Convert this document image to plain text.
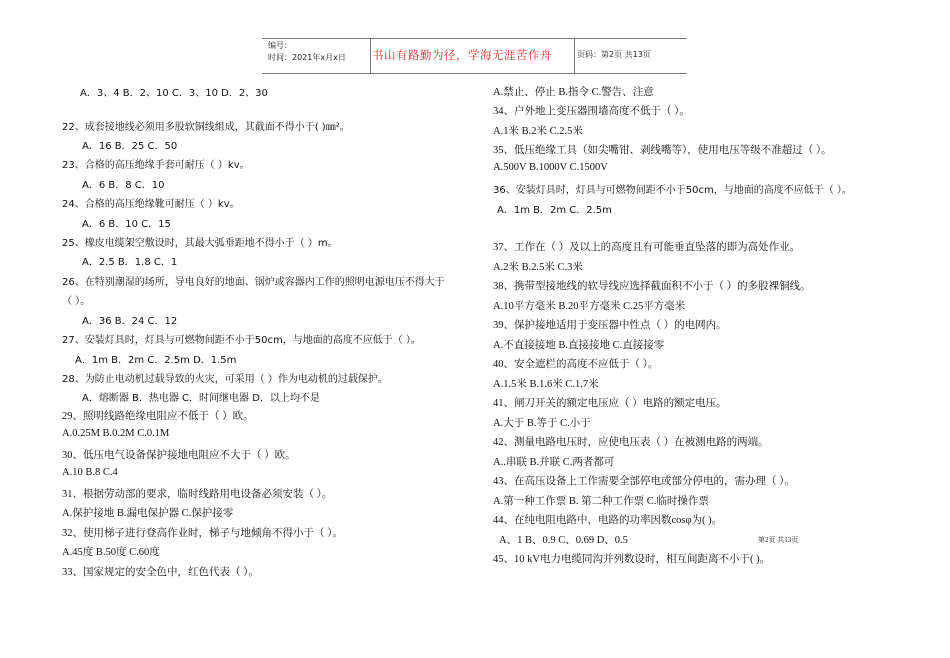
编号：
时间：2021年x月x日 书山有路勤为径，学海无涯苦作舟	页码：第2页 共13页
A．3、4 B．2、10 C．3、10 D．2、30
22、成套接地线必须用多股软铜线组成，其截面不得小于( )㎜²。
A．16 B．25 C．50
23、合格的高压绝缘手套可耐压（ ）kv。
A．6 B．8 C．10
24、合格的高压绝缘靴可耐压（ ）kv。
A．6 B．10 C．15
25、橡皮电缆架空敷设时，其最大弧垂距地不得小于（ ）m。
A．2.5 B．1.8 C．1
26、在特别潮湿的场所，导电良好的地面、锅炉或容器内工作的照明电源电压不得大于
（ ）。
A．36 B．24 C．12
27、安装灯具时，灯具与可燃物间距不小于50cm，与地面的高度不应低于（ ）。
A．1m B．2m C．2.5m D．1.5m
28、为防止电动机过载导致的火灾，可采用（ ）作为电动机的过载保护。
A．熔断器 B．热电器 C．时间继电器 D．以上均不是
29、照明线路绝缘电阻应不低于（ ）欧。
A.0.25M B.0.2M C.0.1M
30、低压电气设备保护接地电阻应不大于（ ）欧。
A.10 B.8 C.4
31、根据劳动部的要求，临时线路用电设备必须安装（ ）。
A.保护接地 B.漏电保护器 C.保护接零
32、使用梯子进行登高作业时，梯子与地倾角不得小于（ ）。
A.45度 B.50度 C.60度
33、国家规定的安全色中，红色代表（ ）。
A.禁止、停止 B.指令 C.警告、注意
34、户外地上变压器围墙高度不低于（ ）。
A.1米 B.2米 C.2.5米
35、低压绝缘工具（如尖嘴钳、剥线嘴等），使用电压等级不准超过（ ）。
A.500V B.1000V C.1500V
36、安装灯具时，灯具与可燃物间距不小于50cm，与地面的高度不应低于（ ）。
A．1m B．2m C．2.5m
37、工作在（ ）及以上的高度且有可能垂直坠落的即为高处作业。
A.2米 B.2.5米 C.3米
38、携带型接地线的软导线应选择截面积不小于（ ）的多股裸铜线。
A.10平方毫米 B.20平方毫米 C.25平方毫米
39、保护接地适用于变压器中性点（ ）的电网内。
A.不直接接地 B.直接接地 C.直接接零
40、安全遮栏的高度不应低于（ ）。
A.1.5米 B.1.6米 C.1.7米
41、闸刀开关的额定电压应（ ）电路的额定电压。
A.大于 B.等于 C.小于
42、测量电路电压时，应使电压表（ ）在被测电路的两端。
A..串联 B.并联 C.两者都可
43、在高压设备上工作需要全部停电或部分停电的，需办理（ ）。
A.第一种工作票 B. 第二种工作票 C.临时操作票
44、在纯电阻电路中，电路的功率因数cosφ为( )。
A、1 B、0.9 C、0.69 D、0.5
45、10 kV电力电缆同沟并列数设时，相互间距离不小于( )。
第2页 共13页
